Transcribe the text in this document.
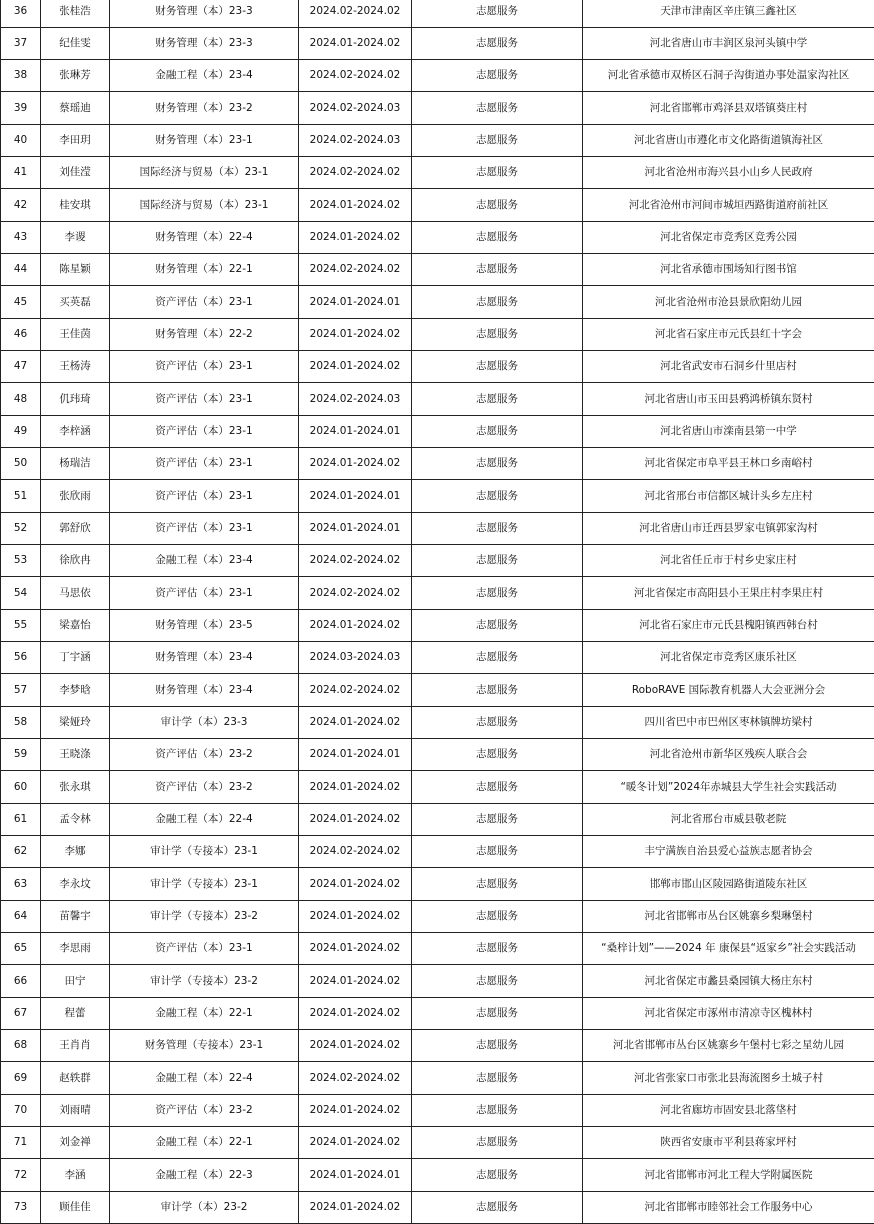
36	张桂浩	财务管理（本）23-3	2024.02-2024.02	志愿服务	天津市津南区辛庄镇三鑫社区
37	纪佳雯	财务管理（本）23-3	2024.01-2024.02	志愿服务	河北省唐山市丰润区泉河头镇中学
38	张琳芳	金融工程（本）23-4	2024.02-2024.02	志愿服务	河北省承德市双桥区石洞子沟街道办事处温家沟社区
39	蔡瑶迪	财务管理（本）23-2	2024.02-2024.03	志愿服务	河北省邯郸市鸡泽县双塔镇葵庄村
40	李田玥	财务管理（本）23-1	2024.02-2024.03	志愿服务	河北省唐山市遵化市文化路街道镇海社区
41	刘佳滢	国际经济与贸易（本）23-1	2024.02-2024.02	志愿服务	河北省沧州市海兴县小山乡人民政府
42	桂安琪	国际经济与贸易（本）23-1	2024.01-2024.02	志愿服务	河北省沧州市河间市城垣西路街道府前社区
43	李谡	财务管理（本）22-4	2024.01-2024.02	志愿服务	河北省保定市竞秀区竞秀公园
44	陈星颖	财务管理（本）22-1	2024.02-2024.02	志愿服务	河北省承德市围场知行图书馆
45	买英磊	资产评估（本）23-1	2024.01-2024.01	志愿服务	河北省沧州市沧县景欣阳幼儿园
46	王佳茵	财务管理（本）22-2	2024.01-2024.02	志愿服务	河北省石家庄市元氏县红十字会
47	王杨涛	资产评估（本）23-1	2024.01-2024.02	志愿服务	河北省武安市石洞乡什里店村
48	仉玮琦	资产评估（本）23-1	2024.02-2024.03	志愿服务	河北省唐山市玉田县鸦鸿桥镇东贤村
49	李梓涵	资产评估（本）23-1	2024.01-2024.01	志愿服务	河北省唐山市滦南县第一中学
50	杨瑞洁	资产评估（本）23-1	2024.01-2024.02	志愿服务	河北省保定市阜平县王林口乡南峪村
51	张欣雨	资产评估（本）23-1	2024.01-2024.01	志愿服务	河北省邢台市信都区城计头乡左庄村
52	郭舒欣	资产评估（本）23-1	2024.01-2024.01	志愿服务	河北省唐山市迁西县罗家屯镇郭家沟村
53	徐欣冉	金融工程（本）23-4	2024.02-2024.02	志愿服务	河北省任丘市于村乡史家庄村
54	马思依	资产评估（本）23-1	2024.02-2024.02	志愿服务	河北省保定市高阳县小王果庄村李果庄村
55	梁嘉怡	财务管理（本）23-5	2024.01-2024.02	志愿服务	河北省石家庄市元氏县槐阳镇西韩台村
56	丁宇涵	财务管理（本）23-4	2024.03-2024.03	志愿服务	河北省保定市竞秀区康乐社区
57	李梦晗	财务管理（本）23-4	2024.02-2024.02	志愿服务	RoboRAVE 国际教育机器人大会亚洲分会
58	梁娅玲	审计学（本）23-3	2024.01-2024.02	志愿服务	四川省巴中市巴州区枣林镇牌坊梁村
59	王晓涤	资产评估（本）23-2	2024.01-2024.01	志愿服务	河北省沧州市新华区残疾人联合会
60	张永琪	资产评估（本）23-2	2024.01-2024.02	志愿服务	“暖冬计划”2024年赤城县大学生社会实践活动
61	孟令林	金融工程（本）22-4	2024.01-2024.02	志愿服务	河北省邢台市威县敬老院
62	李娜	审计学（专接本）23-1	2024.02-2024.02	志愿服务	丰宁满族自治县爱心益族志愿者协会
63	李永坟	审计学（专接本）23-1	2024.01-2024.02	志愿服务	邯郸市邯山区陵园路街道陵东社区
64	苗馨宇	审计学（专接本）23-2	2024.01-2024.02	志愿服务	河北省邯郸市丛台区姚寨乡梨琳堡村
65	李思雨	资产评估（本）23-1	2024.01-2024.02	志愿服务	“桑梓计划”——2024 年 康保县“返家乡”社会实践活动
66	田宁	审计学（专接本）23-2	2024.01-2024.02	志愿服务	河北省保定市蠡县桑园镇大杨庄东村
67	程蕾	金融工程（本）22-1	2024.01-2024.02	志愿服务	河北省保定市涿州市清凉寺区槐林村
68	王肖肖	财务管理（专接本）23-1	2024.01-2024.02	志愿服务	河北省邯郸市丛台区姚寨乡午堡村七彩之星幼儿园
69	赵轶群	金融工程（本）22-4	2024.02-2024.02	志愿服务	河北省张家口市张北县海流图乡土城子村
70	刘雨晴	资产评估（本）23-2	2024.01-2024.02	志愿服务	河北省廊坊市固安县北落垡村
71	刘金禅	金融工程（本）22-1	2024.01-2024.02	志愿服务	陕西省安康市平利县蒋家坪村
72	李涵	金融工程（本）22-3	2024.01-2024.01	志愿服务	河北省邯郸市河北工程大学附属医院
73	顾佳佳	审计学（本）23-2	2024.01-2024.02	志愿服务	河北省邯郸市睦邻社会工作服务中心
